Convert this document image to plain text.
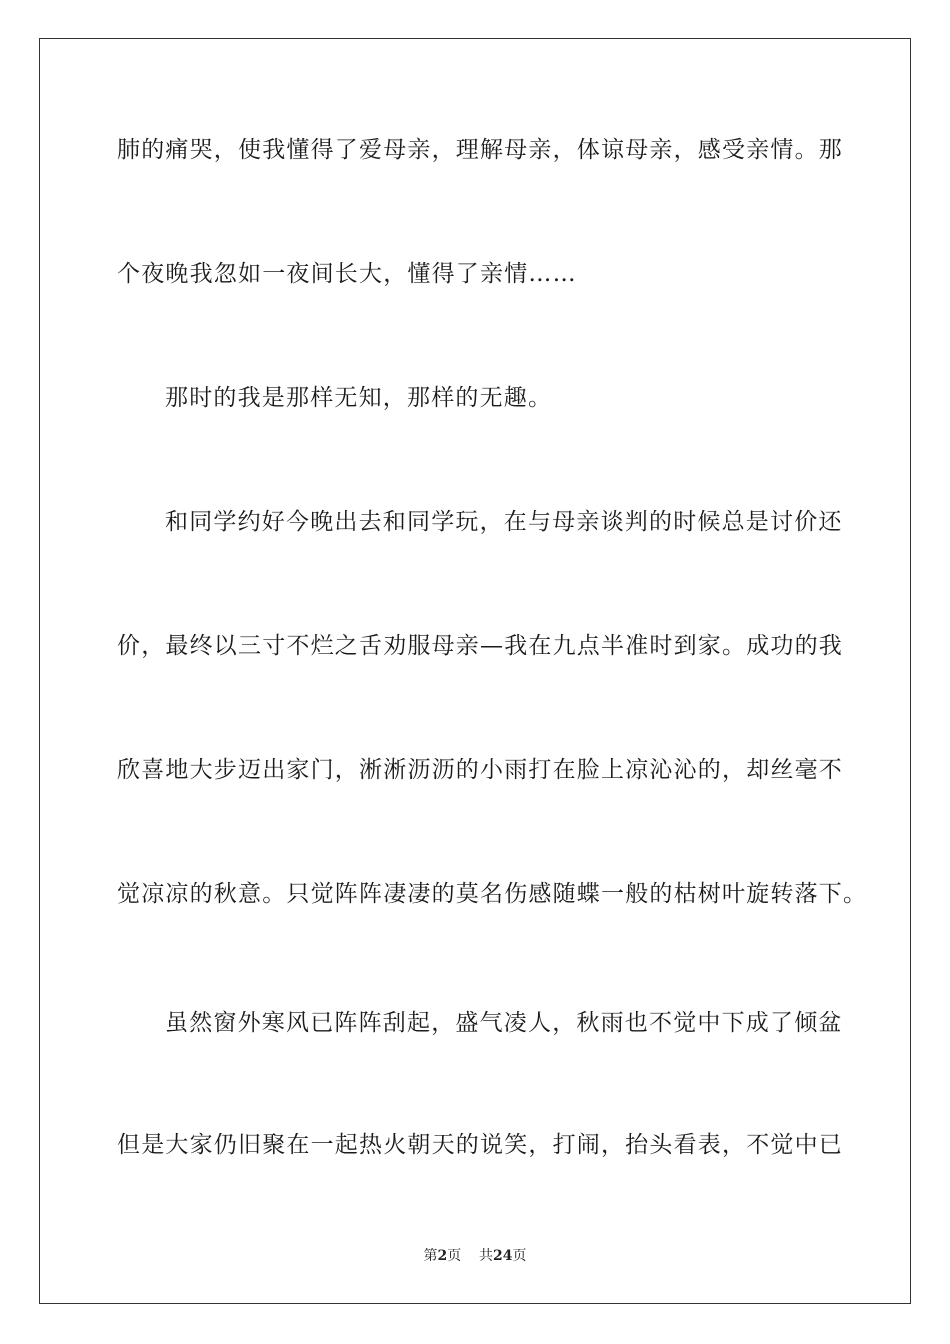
肺的痛哭，使我懂得了爱母亲，理解母亲，体谅母亲，感受亲情。那
个夜晚我忽如一夜间长大，懂得了亲情……
那时的我是那样无知，那样的无趣。
和同学约好今晚出去和同学玩，在与母亲谈判的时候总是讨价还
价，最终以三寸不烂之舌劝服母亲—我在九点半准时到家。成功的我
欣喜地大步迈出家门，淅淅沥沥的小雨打在脸上凉沁沁的，却丝毫不
觉凉凉的秋意。只觉阵阵凄凄的莫名伤感随蝶一般的枯树叶旋转落下。
虽然窗外寒风已阵阵刮起，盛气凌人，秋雨也不觉中下成了倾盆
但是大家仍旧聚在一起热火朝天的说笑，打闹，抬头看表，不觉中已
第2页 共24页
